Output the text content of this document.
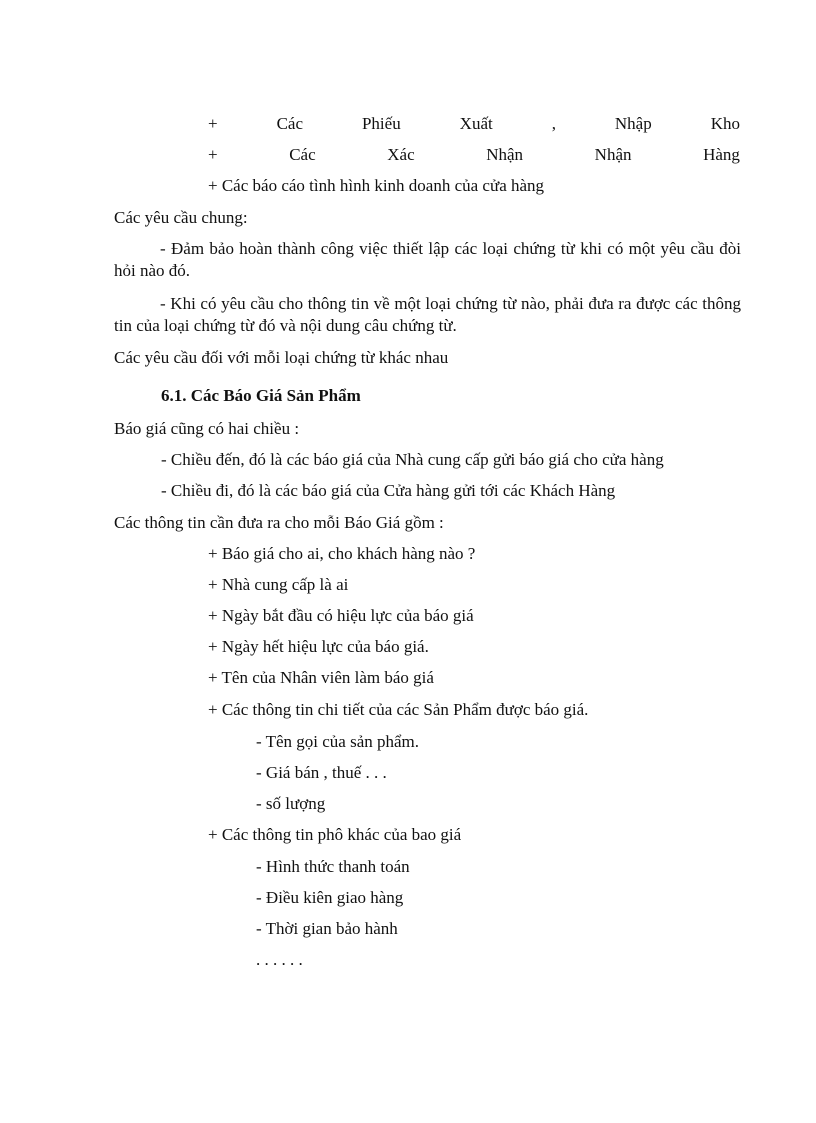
+	Các	Phiếu	Xuất	,	Nhập	Kho
+	Các	Xác	Nhận	Nhận	Hàng
+ Các báo cáo tình hình kinh doanh của cửa hàng
Các yêu cầu chung:
- Đảm bảo hoàn thành công việc thiết lập các loại chứng từ khi có một yêu cầu đòi hỏi nào đó.
- Khi có yêu cầu cho thông tin về một loại chứng từ nào, phải đưa ra được các thông tin của loại chứng từ đó và nội dung câu chứng từ.
Các yêu cầu đối với mỗi loại chứng từ khác nhau
6.1. Các Báo Giá Sản Phẩm
Báo giá cũng có hai chiều :
- Chiều đến, đó là các báo giá của Nhà cung cấp gửi báo giá cho cửa hàng
- Chiều đi, đó là các báo giá của Cửa hàng gửi tới các Khách Hàng
Các thông tin cần đưa ra cho mỗi Báo Giá gồm :
+ Báo giá cho ai, cho khách hàng nào ?
+ Nhà cung cấp là ai
+ Ngày bắt đầu có hiệu lực của báo giá
+ Ngày hết hiệu lực của báo giá.
+ Tên của Nhân viên làm báo giá
+ Các thông tin chi tiết của các Sản Phẩm được báo giá.
- Tên gọi của sản phẩm.
- Giá bán , thuế . . .
- số lượng
+ Các thông tin phô khác của bao giá
- Hình thức thanh toán
- Điều kiên giao hàng
- Thời gian bảo hành
. . . . . .
